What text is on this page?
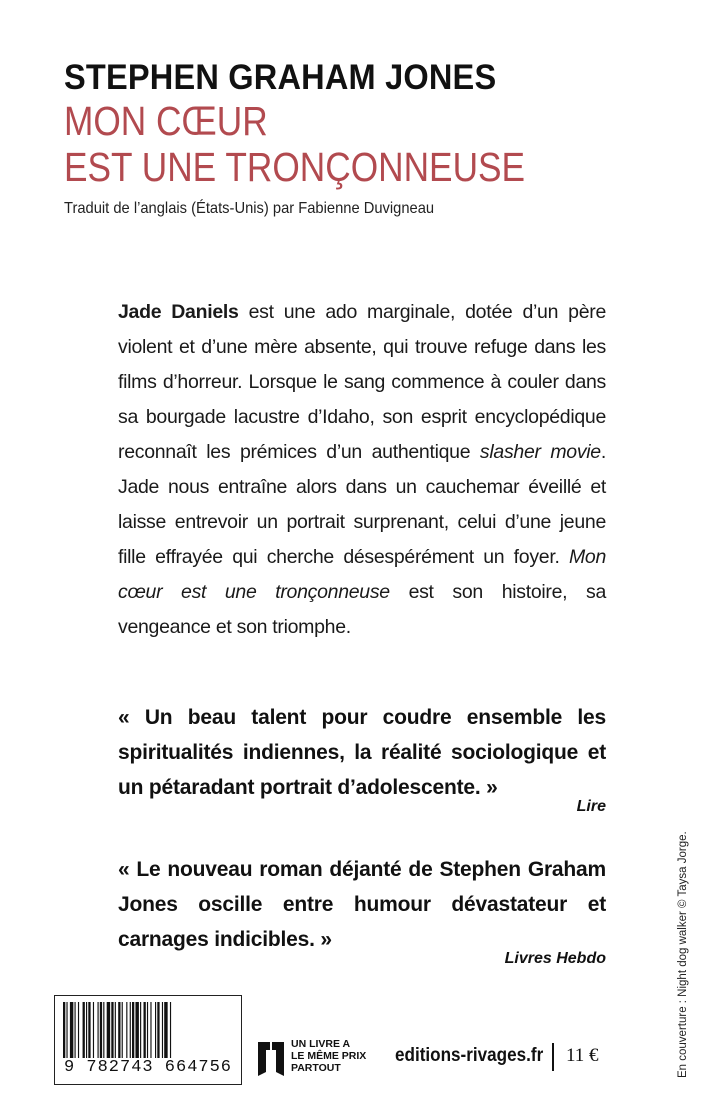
STEPHEN GRAHAM JONES
MON CŒUR
EST UNE TRONÇONNEUSE
Traduit de l’anglais (États-Unis) par Fabienne Duvigneau
Jade Daniels est une ado marginale, dotée d’un père violent et d’une mère absente, qui trouve refuge dans les films d’horreur. Lorsque le sang commence à couler dans sa bourgade lacustre d’Idaho, son esprit encyclopédique reconnaît les prémices d’un authentique slasher movie. Jade nous entraîne alors dans un cauchemar éveillé et laisse entrevoir un portrait surprenant, celui d’une jeune fille effrayée qui cherche désespérément un foyer. Mon cœur est une tronçonneuse est son histoire, sa vengeance et son triomphe.
« Un beau talent pour coudre ensemble les spiritualités indiennes, la réalité sociologique et un pétaradant portrait d’adolescente. »
Lire
« Le nouveau roman déjanté de Stephen Graham Jones oscille entre humour dévastateur et carnages indicibles. »
Livres Hebdo	En couverture : Night dog walker © Taysa Jorge.
9 782743 664756
UN LIVRE A
LE MÊME PRIX
PARTOUT
editions-rivages.fr 11 €
